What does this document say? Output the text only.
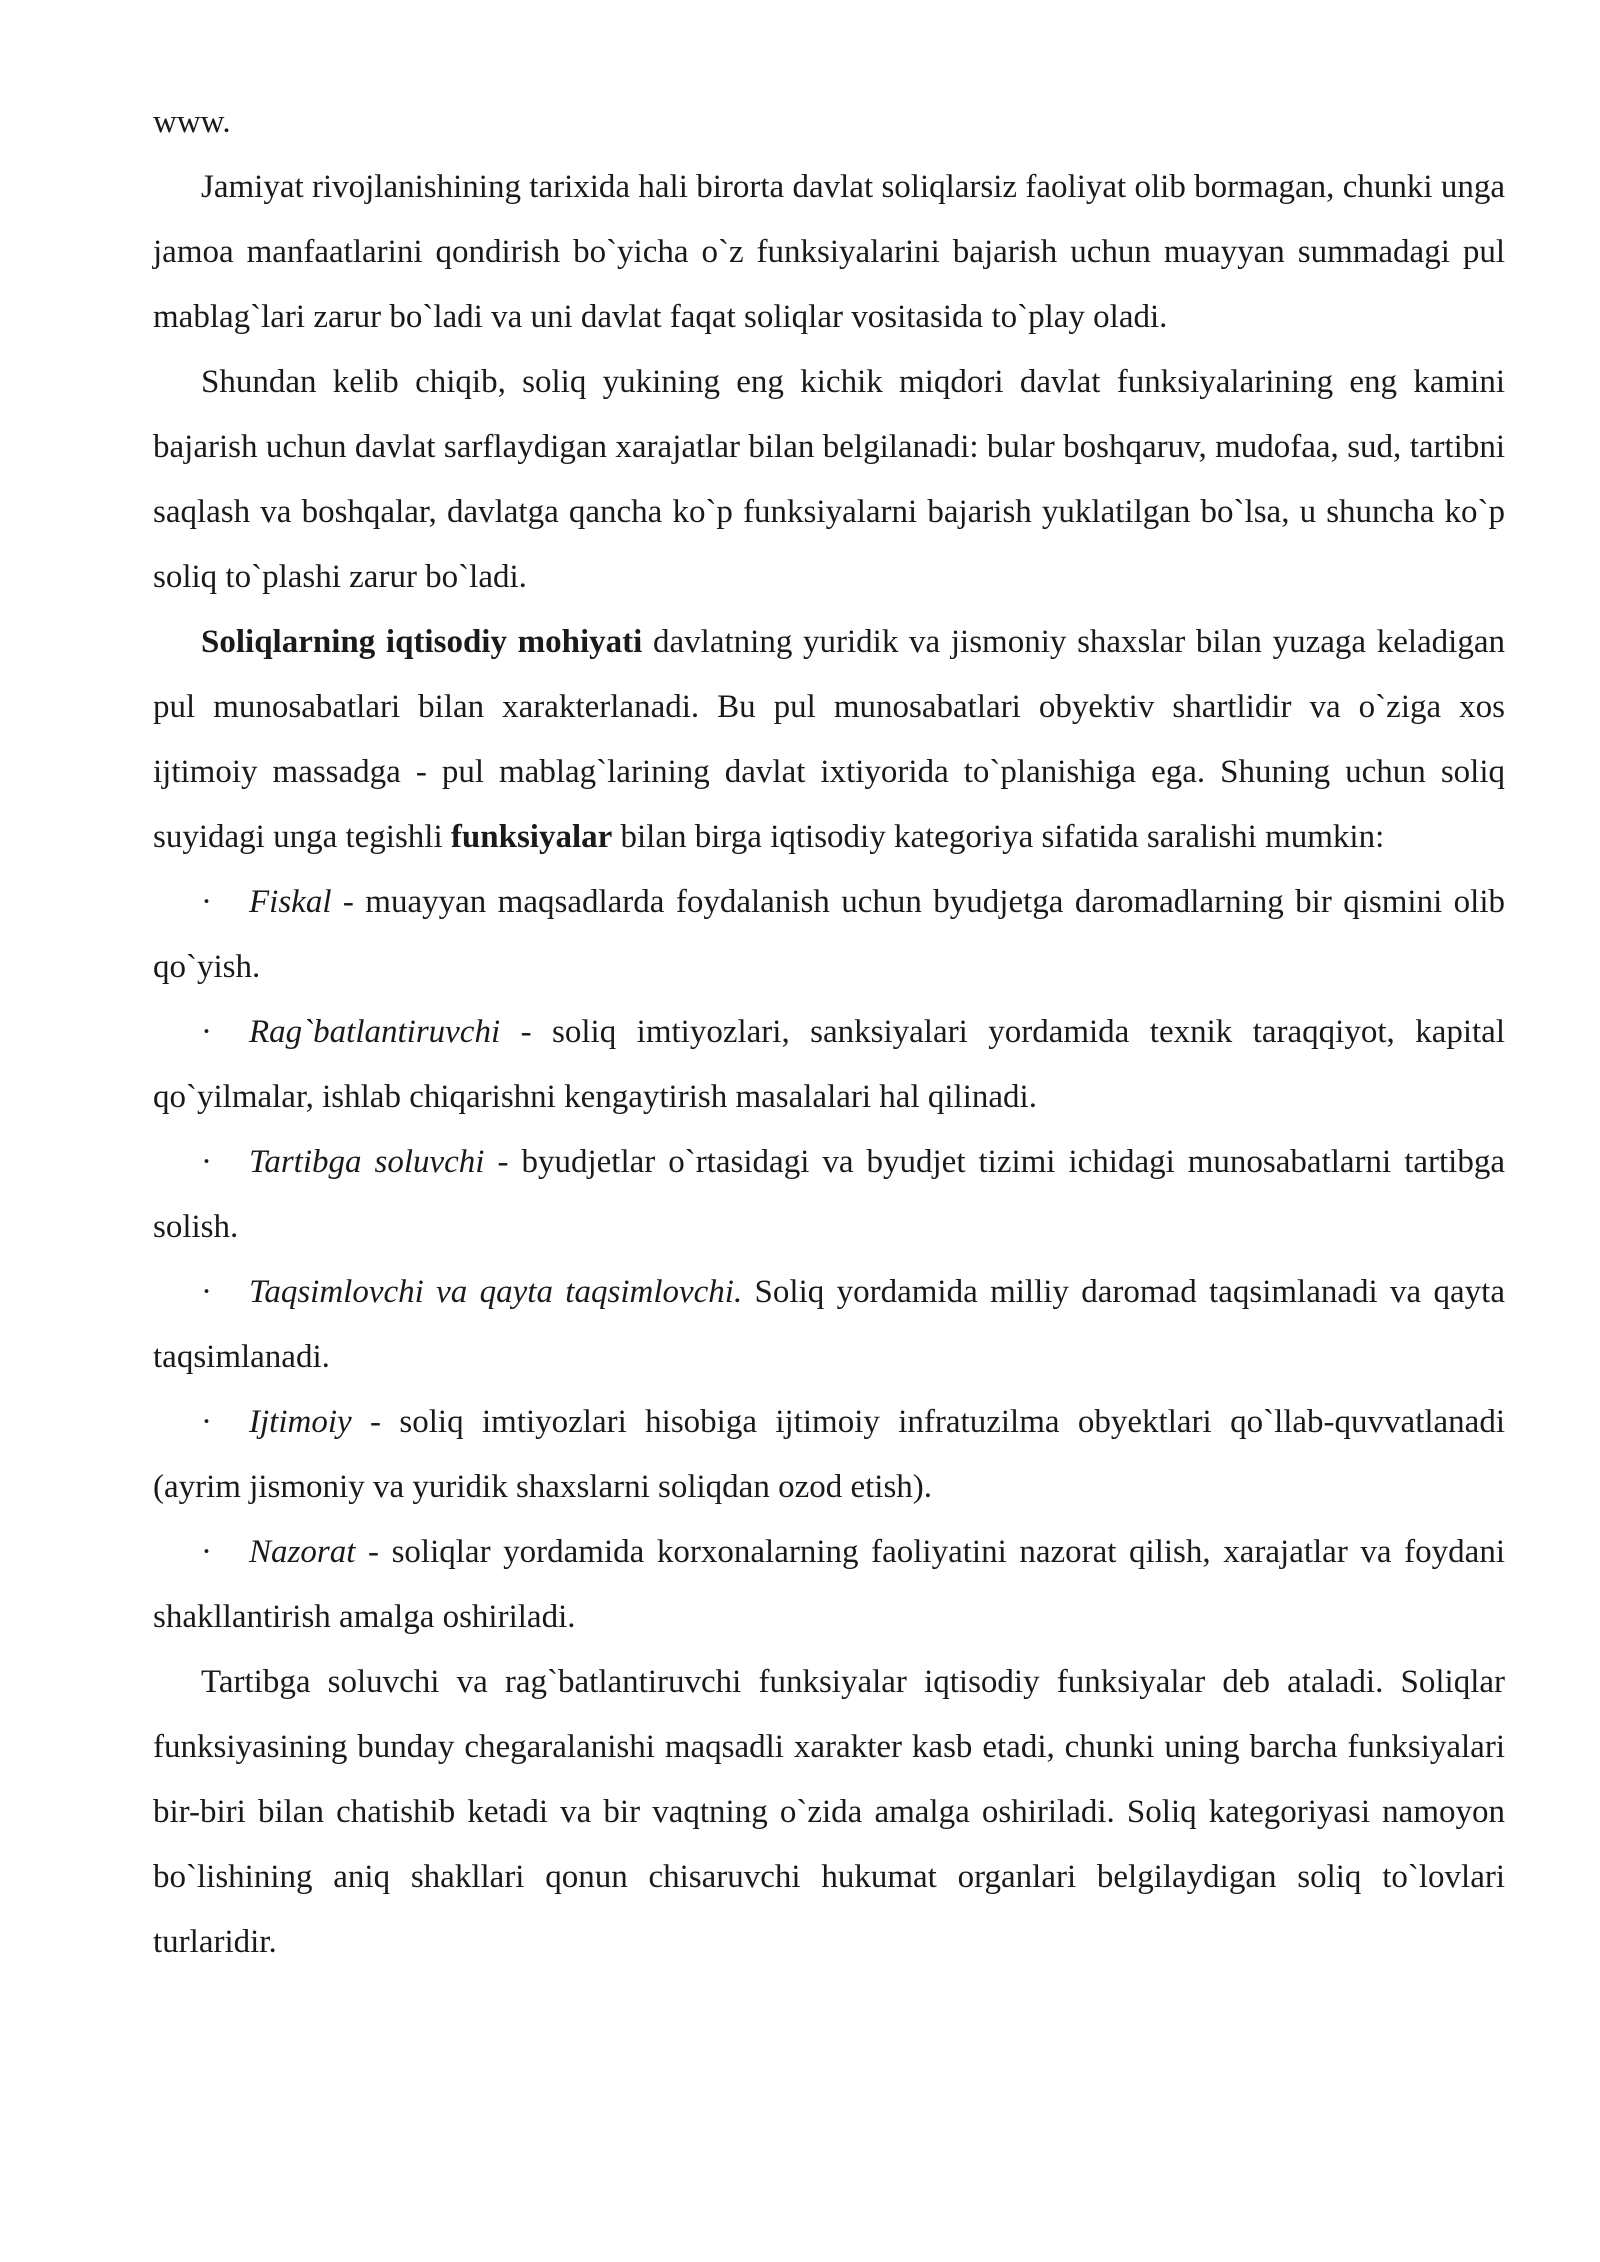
www.

Jamiyat rivojlanishining tarixida hali birorta davlat soliqlarsiz faoliyat olib bormagan, chunki unga jamoa manfaatlarini qondirish bo`yicha o`z funksiyalarini bajarish uchun muayyan summadagi pul mablag`lari zarur bo`ladi va uni davlat faqat soliqlar vositasida to`play oladi.

Shundan kelib chiqib, soliq yukining eng kichik miqdori davlat funksiyalarining eng kamini bajarish uchun davlat sarflaydigan xarajatlar bilan belgilanadi: bular boshqaruv, mudofaa, sud, tartibni saqlash va boshqalar, davlatga qancha ko`p funksiyalarni bajarish yuklatilgan bo`lsa, u shuncha ko`p soliq to`plashi zarur bo`ladi.

Soliqlarning iqtisodiy mohiyati davlatning yuridik va jismoniy shaxslar bilan yuzaga keladigan pul munosabatlari bilan xarakterlanadi. Bu pul munosabatlari obyektiv shartlidir va o`ziga xos ijtimoiy massadga - pul mablag`larining davlat ixtiyorida to`planishiga ega. Shuning uchun soliq suyidagi unga tegishli funksiyalar bilan birga iqtisodiy kategoriya sifatida saralishi mumkin:

· Fiskal - muayyan maqsadlarda foydalanish uchun byudjetga daromadlarning bir qismini olib qo`yish.

· Rag`batlantiruvchi - soliq imtiyozlari, sanksiyalari yordamida texnik taraqqiyot, kapital qo`yilmalar, ishlab chiqarishni kengaytirish masalalari hal qilinadi.

· Tartibga soluvchi - byudjetlar o`rtasidagi va byudjet tizimi ichidagi munosabatlarni tartibga solish.

· Taqsimlovchi va qayta taqsimlovchi. Soliq yordamida milliy daromad taqsimlanadi va qayta taqsimlanadi.

· Ijtimoiy - soliq imtiyozlari hisobiga ijtimoiy infratuzilma obyektlari qo`llab-quvvatlanadi (ayrim jismoniy va yuridik shaxslarni soliqdan ozod etish).

· Nazorat - soliqlar yordamida korxonalarning faoliyatini nazorat qilish, xarajatlar va foydani shakllantirish amalga oshiriladi.

Tartibga soluvchi va rag`batlantiruvchi funksiyalar iqtisodiy funksiyalar deb ataladi. Soliqlar funksiyasining bunday chegaralanishi maqsadli xarakter kasb etadi, chunki uning barcha funksiyalari bir-biri bilan chatishib ketadi va bir vaqtning o`zida amalga oshiriladi. Soliq kategoriyasi namoyon bo`lishining aniq shakllari qonun chisaruvchi hukumat organlari belgilaydigan soliq to`lovlari turlaridir.
